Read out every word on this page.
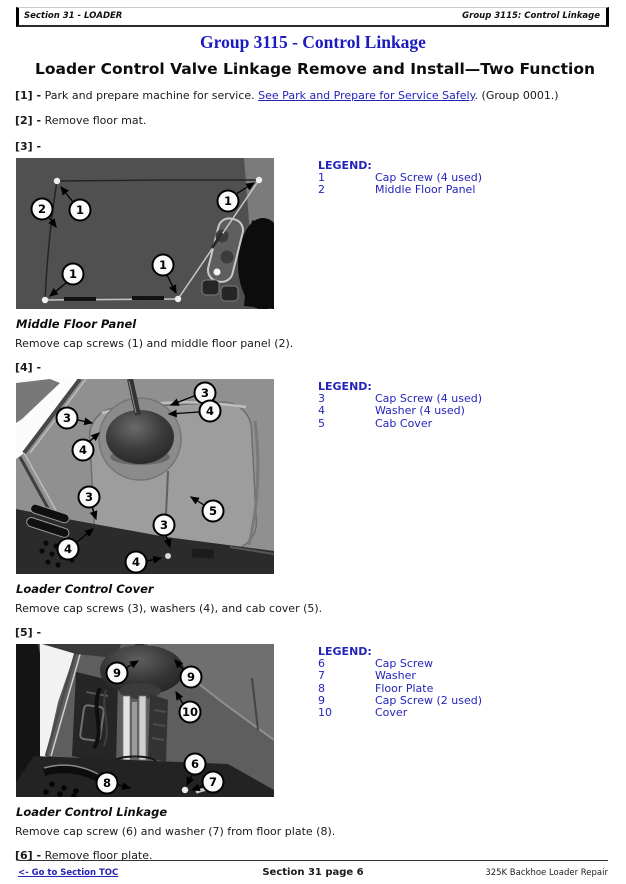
Section 31 - LOADER	Group 3115: Control Linkage
Group 3115 - Control Linkage
Loader Control Valve Linkage Remove and Install—Two Function

[1] - Park and prepare machine for service. See Park and Prepare for Service Safely. (Group 0001.)

[2] - Remove floor mat.

[3] -
2	1
1
1
1
LEGEND:
1	Cap Screw (4 used)
2	Middle Floor Panel
Middle Floor Panel
Remove cap screws (1) and middle floor panel (2).
[4] -
3
4
3
4
3
4
3
4
5
LEGEND:
3	Cap Screw (4 used)
4	Washer (4 used)
5	Cab Cover
Loader Control Cover
Remove cap screws (3), washers (4), and cab cover (5).
[5] -
9	9
10
6
7
8
LEGEND:
6	Cap Screw
7	Washer
8	Floor Plate
9	Cap Screw (2 used)
10	Cover
Loader Control Linkage
Remove cap screw (6) and washer (7) from floor plate (8).

[6] - Remove floor plate.

<- Go to Section TOC	Section 31 page 6	325K Backhoe Loader Repair
